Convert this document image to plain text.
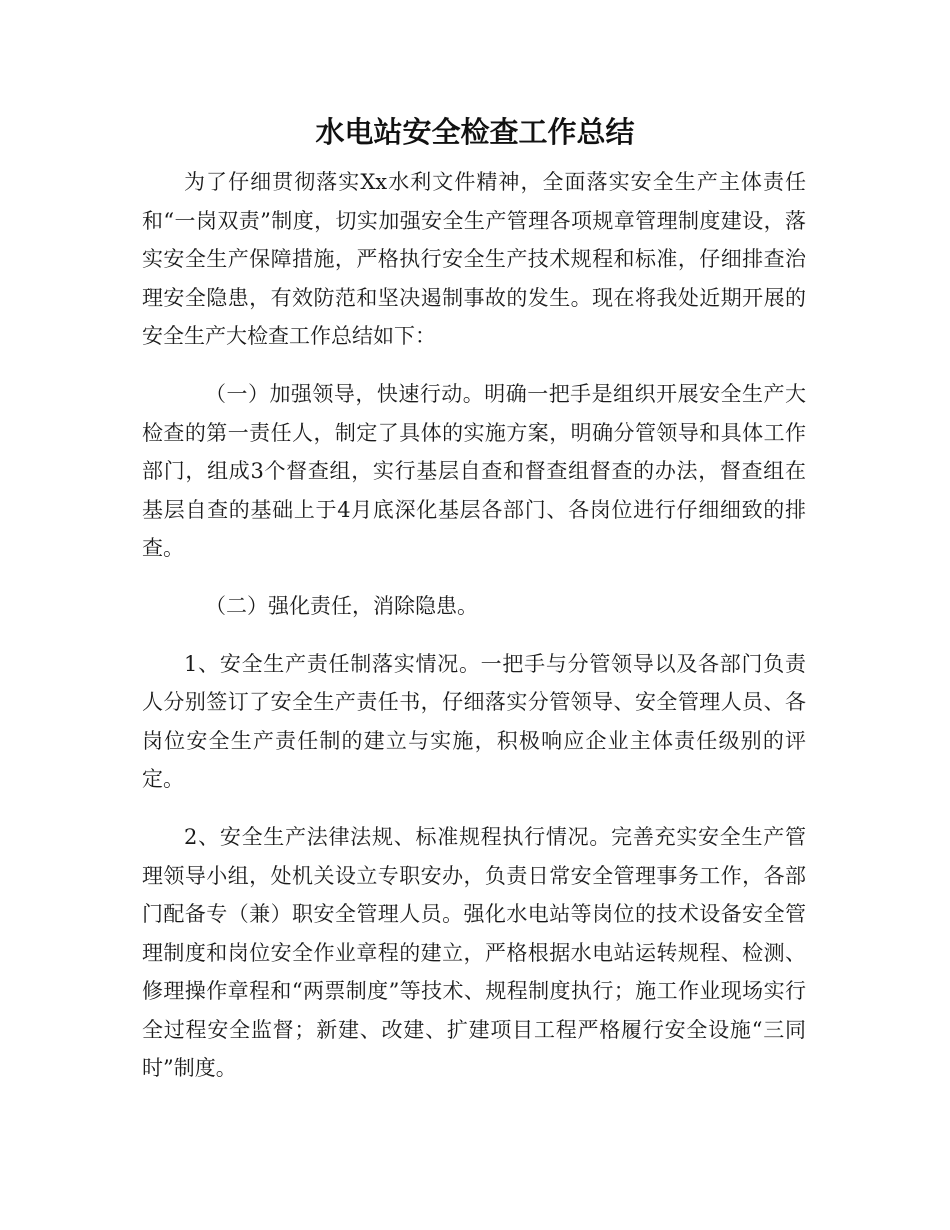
水电站安全检查工作总结

为了仔细贯彻落实Xx水利文件精神，全面落实安全生产主体责任和“一岗双责”制度，切实加强安全生产管理各项规章管理制度建设，落实安全生产保障措施，严格执行安全生产技术规程和标准，仔细排查治理安全隐患，有效防范和坚决遏制事故的发生。现在将我处近期开展的安全生产大检查工作总结如下：

（一）加强领导，快速行动。明确一把手是组织开展安全生产大检查的第一责任人，制定了具体的实施方案，明确分管领导和具体工作部门，组成3个督查组，实行基层自查和督查组督查的办法，督查组在基层自查的基础上于4月底深化基层各部门、各岗位进行仔细细致的排查。

（二）强化责任，消除隐患。

1、安全生产责任制落实情况。一把手与分管领导以及各部门负责人分别签订了安全生产责任书，仔细落实分管领导、安全管理人员、各岗位安全生产责任制的建立与实施，积极响应企业主体责任级别的评定。

2、安全生产法律法规、标准规程执行情况。完善充实安全生产管理领导小组，处机关设立专职安办，负责日常安全管理事务工作，各部门配备专（兼）职安全管理人员。强化水电站等岗位的技术设备安全管理制度和岗位安全作业章程的建立，严格根据水电站运转规程、检测、修理操作章程和“两票制度”等技术、规程制度执行；施工作业现场实行全过程安全监督；新建、改建、扩建项目工程严格履行安全设施“三同时”制度。
